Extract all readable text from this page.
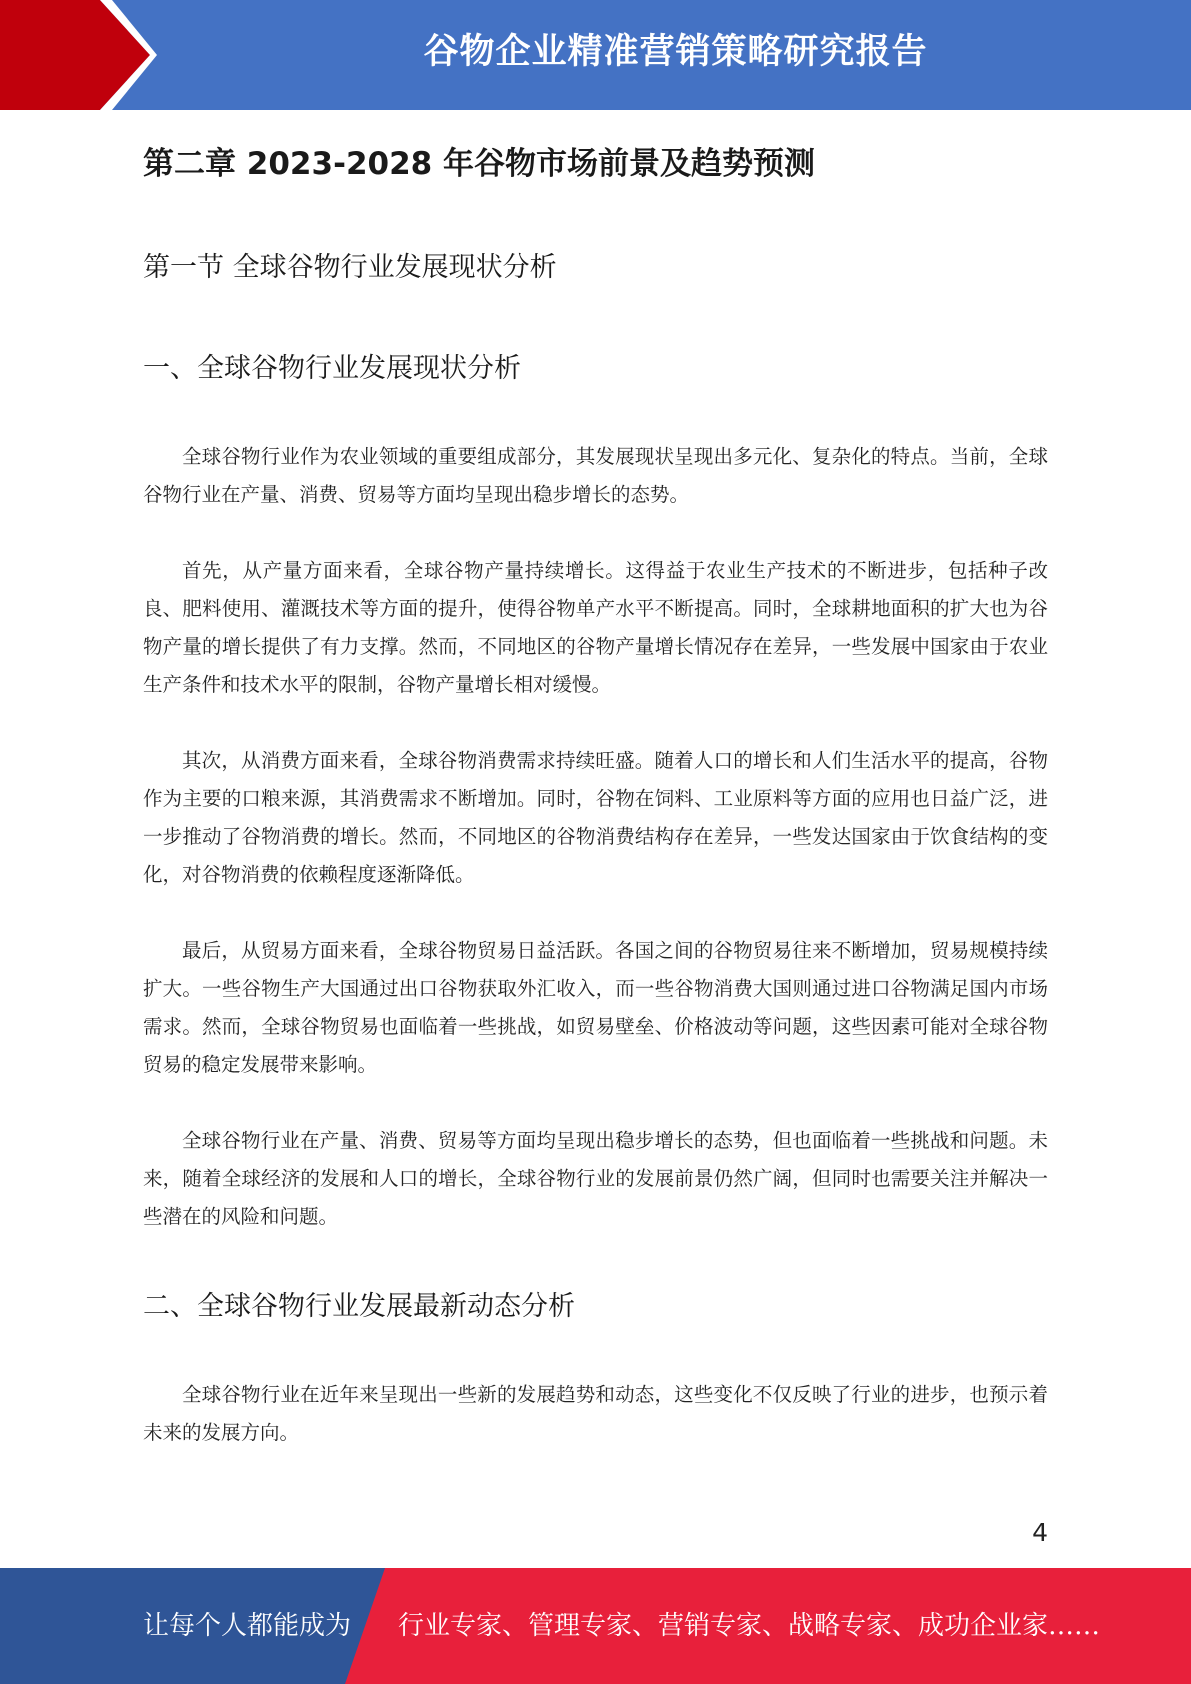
谷物企业精准营销策略研究报告
第二章 2023-2028 年谷物市场前景及趋势预测
第一节 全球谷物行业发展现状分析
一、全球谷物行业发展现状分析

全球谷物行业作为农业领域的重要组成部分，其发展现状呈现出多元化、复杂化的特点。当前，全球谷物行业在产量、消费、贸易等方面均呈现出稳步增长的态势。

首先，从产量方面来看，全球谷物产量持续增长。这得益于农业生产技术的不断进步，包括种子改良、肥料使用、灌溉技术等方面的提升，使得谷物单产水平不断提高。同时，全球耕地面积的扩大也为谷物产量的增长提供了有力支撑。然而，不同地区的谷物产量增长情况存在差异，一些发展中国家由于农业生产条件和技术水平的限制，谷物产量增长相对缓慢。

其次，从消费方面来看，全球谷物消费需求持续旺盛。随着人口的增长和人们生活水平的提高，谷物作为主要的口粮来源，其消费需求不断增加。同时，谷物在饲料、工业原料等方面的应用也日益广泛，进一步推动了谷物消费的增长。然而，不同地区的谷物消费结构存在差异，一些发达国家由于饮食结构的变化，对谷物消费的依赖程度逐渐降低。

最后，从贸易方面来看，全球谷物贸易日益活跃。各国之间的谷物贸易往来不断增加，贸易规模持续扩大。一些谷物生产大国通过出口谷物获取外汇收入，而一些谷物消费大国则通过进口谷物满足国内市场需求。然而，全球谷物贸易也面临着一些挑战，如贸易壁垒、价格波动等问题，这些因素可能对全球谷物贸易的稳定发展带来影响。

全球谷物行业在产量、消费、贸易等方面均呈现出稳步增长的态势，但也面临着一些挑战和问题。未来，随着全球经济的发展和人口的增长，全球谷物行业的发展前景仍然广阔，但同时也需要关注并解决一些潜在的风险和问题。

二、全球谷物行业发展最新动态分析

全球谷物行业在近年来呈现出一些新的发展趋势和动态，这些变化不仅反映了行业的进步，也预示着未来的发展方向。

4
让每个人都能成为 行业专家、管理专家、营销专家、战略专家、成功企业家……
